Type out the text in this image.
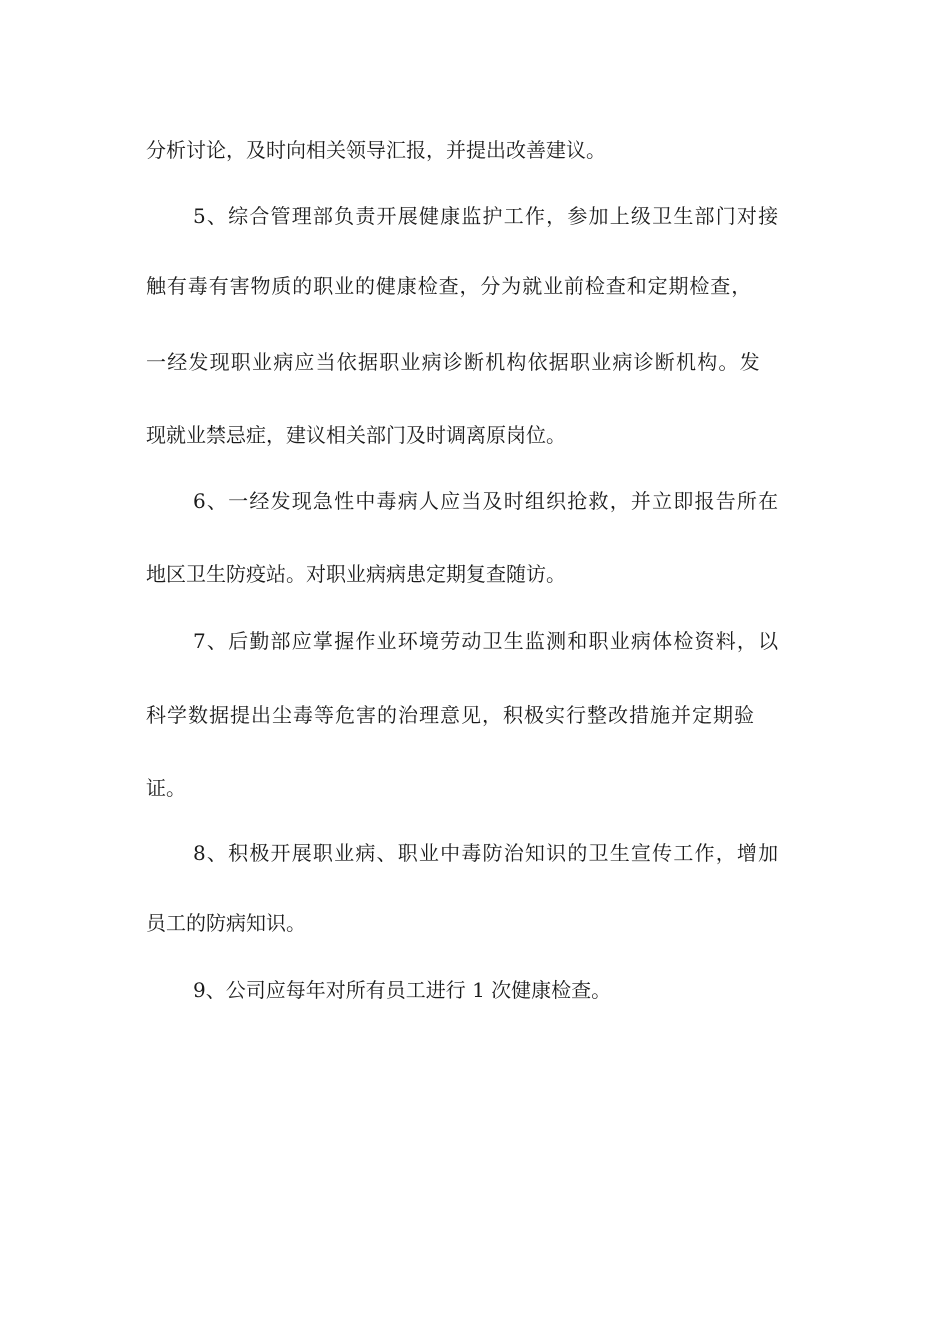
分析讨论，及时向相关领导汇报，并提出改善建议。

5、综合管理部负责开展健康监护工作，参加上级卫生部门对接

触有毒有害物质的职业的健康检查，分为就业前检查和定期检查，

一经发现职业病应当依据职业病诊断机构依据职业病诊断机构。发

现就业禁忌症，建议相关部门及时调离原岗位。

6、一经发现急性中毒病人应当及时组织抢救，并立即报告所在

地区卫生防疫站。对职业病病患定期复查随访。

7、后勤部应掌握作业环境劳动卫生监测和职业病体检资料，以

科学数据提出尘毒等危害的治理意见，积极实行整改措施并定期验

证。

8、积极开展职业病、职业中毒防治知识的卫生宣传工作，增加

员工的防病知识。

9、公司应每年对所有员工进行 1 次健康检查。
